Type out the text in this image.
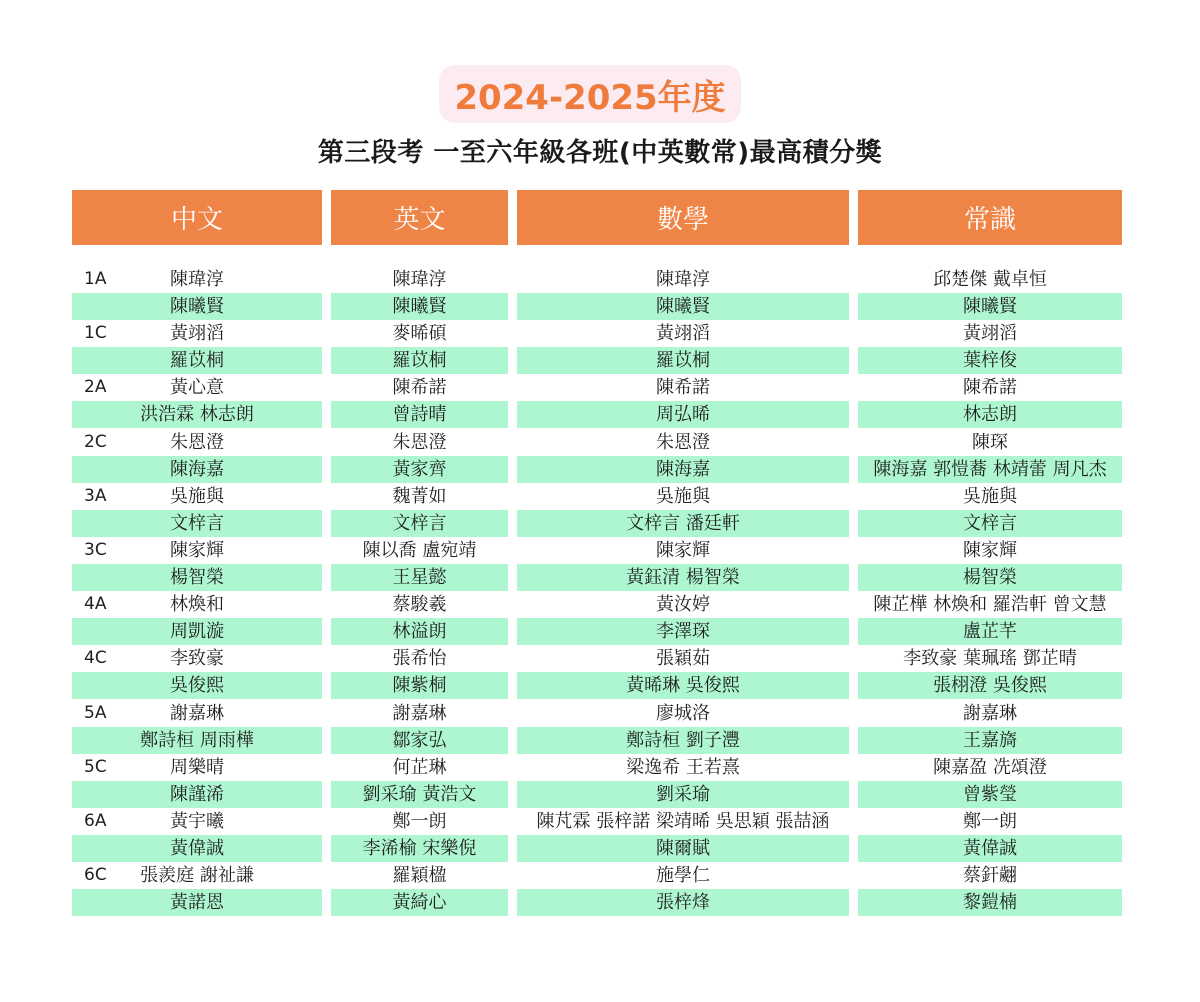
2024-2025年度
第三段考 一至六年級各班(中英數常)最高積分獎
中文	英文	數學	常識
1A	陳瑋淳	陳瑋淳	陳瑋淳	邱楚傑 戴卓恒
陳曦賢	陳曦賢	陳曦賢	陳曦賢
1C	黃翊滔	麥晞碩	黃翊滔	黃翊滔
羅苡桐	羅苡桐	羅苡桐	葉梓俊
2A	黃心意	陳希諾	陳希諾	陳希諾
洪浩霖 林志朗	曾詩晴	周弘晞	林志朗
2C	朱恩澄	朱恩澄	朱恩澄	陳琛
陳海嘉	黃家齊	陳海嘉	陳海嘉 郭愷蕎 林靖蕾 周凡杰
3A	吳施與	魏菁如	吳施與	吳施與
文梓言	文梓言	文梓言 潘廷軒	文梓言
3C	陳家輝	陳以喬 盧宛靖	陳家輝	陳家輝
楊智榮	王星懿	黃鈺清 楊智榮	楊智榮
4A	林煥和	蔡駿羲	黃汝婷	陳芷樺 林煥和 羅浩軒 曾文慧
周凱漩	林溢朗	李澤琛	盧芷芊
4C	李致豪	張希怡	張穎茹	李致豪 葉珮瑤 鄧芷晴
吳俊熙	陳紫桐	黃晞琳 吳俊熙	張栩澄 吳俊熙
5A	謝嘉琳	謝嘉琳	廖城洛	謝嘉琳
鄭詩桓 周雨樺	鄒家弘	鄭詩桓 劉子灃	王嘉旖
5C	周樂晴	何芷琳	梁逸希 王若熹	陳嘉盈 冼頌澄
陳謹浠	劉采瑜 黃浩文	劉采瑜	曾紫瑩
6A	黃宇曦	鄭一朗	陳芃霖 張梓諾 梁靖晞 吳思穎 張喆涵	鄭一朗
黃偉誠	李浠榆 宋樂倪	陳爾賦	黃偉誠
6C	張羨庭 謝祉謙	羅穎楹	施學仁	蔡釬翽
黃諾恩	黃綺心	張梓烽	黎鎧楠
